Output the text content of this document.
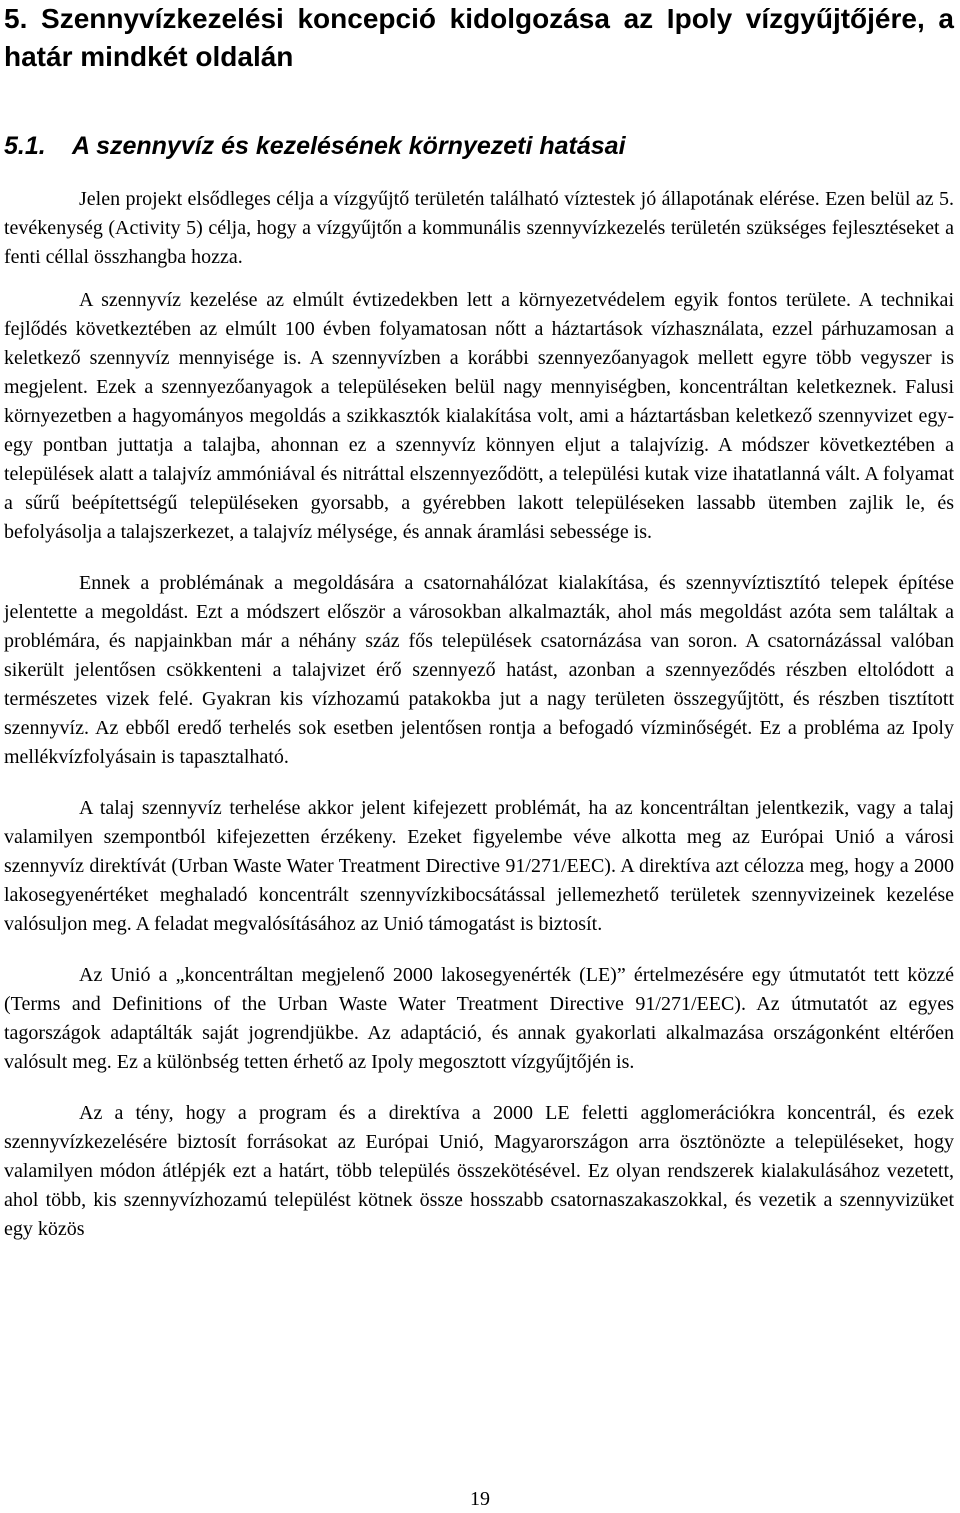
5. Szennyvízkezelési koncepció kidolgozása az Ipoly vízgyűjtőjére, a határ mindkét oldalán
5.1.	A szennyvíz és kezelésének környezeti hatásai

Jelen projekt elsődleges célja a vízgyűjtő területén található víztestek jó állapotának elérése. Ezen belül az 5. tevékenység (Activity 5) célja, hogy a vízgyűjtőn a kommunális szennyvízkezelés területén szükséges fejlesztéseket a fenti céllal összhangba hozza.

A szennyvíz kezelése az elmúlt évtizedekben lett a környezetvédelem egyik fontos területe. A technikai fejlődés következtében az elmúlt 100 évben folyamatosan nőtt a háztartások vízhasználata, ezzel párhuzamosan a keletkező szennyvíz mennyisége is. A szennyvízben a korábbi szennyezőanyagok mellett egyre több vegyszer is megjelent. Ezek a szennyezőanyagok a településeken belül nagy mennyiségben, koncentráltan keletkeznek. Falusi környezetben a hagyományos megoldás a szikkasztók kialakítása volt, ami a háztartásban keletkező szennyvizet egy-egy pontban juttatja a talajba, ahonnan ez a szennyvíz könnyen eljut a talajvízig. A módszer következtében a települések alatt a talajvíz ammóniával és nitráttal elszennyeződött, a települési kutak vize ihatatlanná vált. A folyamat a sűrű beépítettségű településeken gyorsabb, a gyérebben lakott településeken lassabb ütemben zajlik le, és befolyásolja a talajszerkezet, a talajvíz mélysége, és annak áramlási sebessége is.

Ennek a problémának a megoldására a csatornahálózat kialakítása, és szennyvíztisztító telepek építése jelentette a megoldást. Ezt a módszert először a városokban alkalmazták, ahol más megoldást azóta sem találtak a problémára, és napjainkban már a néhány száz fős települések csatornázása van soron. A csatornázással valóban sikerült jelentősen csökkenteni a talajvizet érő szennyező hatást, azonban a szennyeződés részben eltolódott a természetes vizek felé. Gyakran kis vízhozamú patakokba jut a nagy területen összegyűjtött, és részben tisztított szennyvíz. Az ebből eredő terhelés sok esetben jelentősen rontja a befogadó vízminőségét. Ez a probléma az Ipoly mellékvízfolyásain is tapasztalható.

A talaj szennyvíz terhelése akkor jelent kifejezett problémát, ha az koncentráltan jelentkezik, vagy a talaj valamilyen szempontból kifejezetten érzékeny. Ezeket figyelembe véve alkotta meg az Európai Unió a városi szennyvíz direktívát (Urban Waste Water Treatment Directive 91/271/EEC). A direktíva azt célozza meg, hogy a 2000 lakosegyenértéket meghaladó koncentrált szennyvízkibocsátással jellemezhető területek szennyvizeinek kezelése valósuljon meg. A feladat megvalósításához az Unió támogatást is biztosít.

Az Unió a „koncentráltan megjelenő 2000 lakosegyenérték (LE)” értelmezésére egy útmutatót tett közzé (Terms and Definitions of the Urban Waste Water Treatment Directive 91/271/EEC). Az útmutatót az egyes tagországok adaptálták saját jogrendjükbe. Az adaptáció, és annak gyakorlati alkalmazása országonként eltérően valósult meg. Ez a különbség tetten érhető az Ipoly megosztott vízgyűjtőjén is.

Az a tény, hogy a program és a direktíva a 2000 LE feletti agglomerációkra koncentrál, és ezek szennyvízkezelésére biztosít forrásokat az Európai Unió, Magyarországon arra ösztönözte a településeket, hogy valamilyen módon átlépjék ezt a határt, több település összekötésével. Ez olyan rendszerek kialakulásához vezetett, ahol több, kis szennyvízhozamú települést kötnek össze hosszabb csatornaszakaszokkal, és vezetik a szennyvizüket egy közös

19
